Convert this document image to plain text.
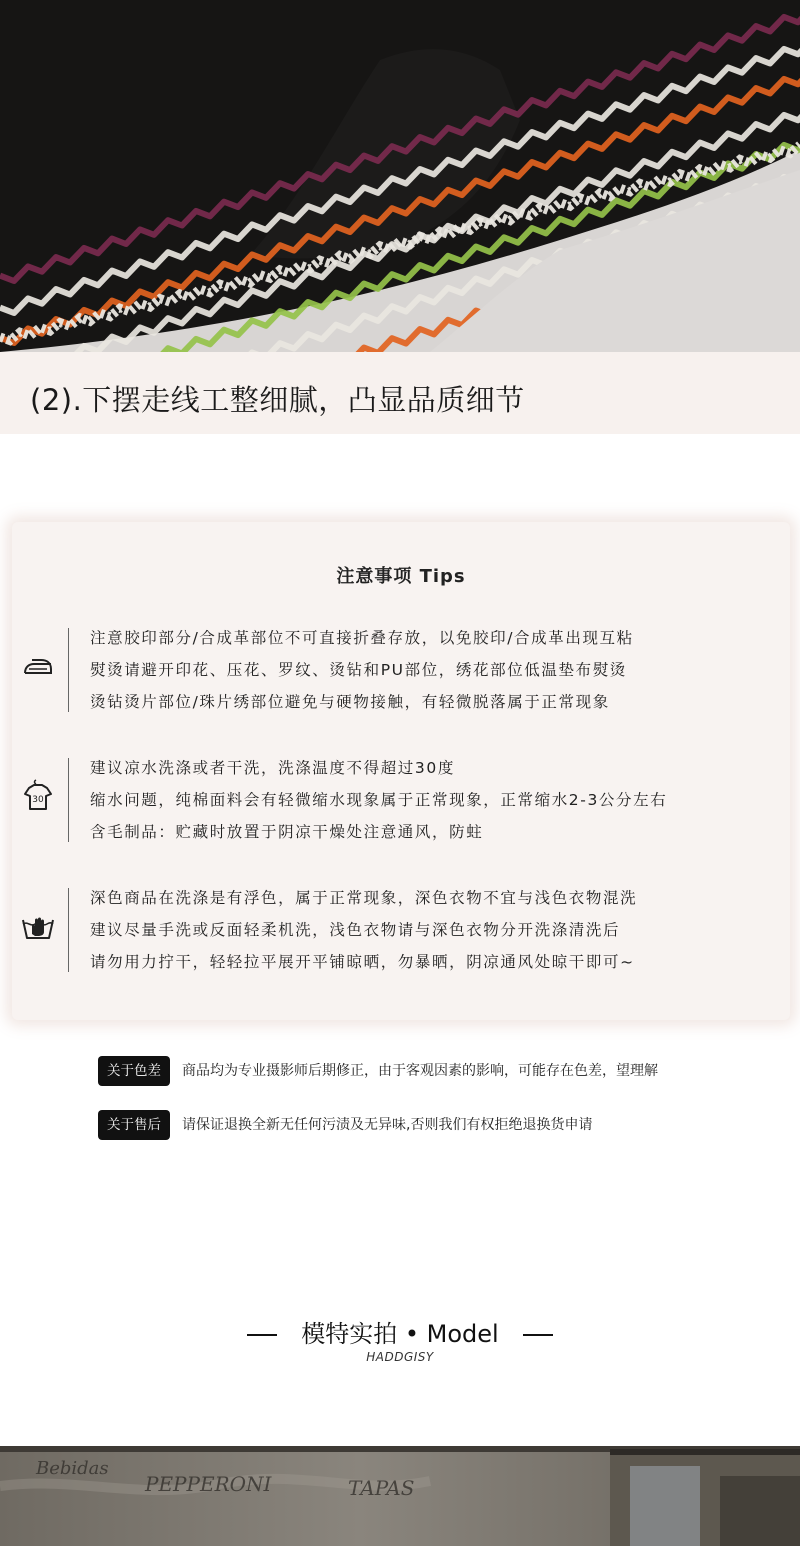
(2).下摆走线工整细腻，凸显品质细节
注意事项 Tips
注意胶印部分/合成革部位不可直接折叠存放，以免胶印/合成革出现互粘
熨烫请避开印花、压花、罗纹、烫钻和PU部位，绣花部位低温垫布熨烫
烫钻烫片部位/珠片绣部位避免与硬物接触，有轻微脱落属于正常现象
30
建议凉水洗涤或者干洗，洗涤温度不得超过30度
缩水问题，纯棉面料会有轻微缩水现象属于正常现象，正常缩水2-3公分左右
含毛制品：贮藏时放置于阴凉干燥处注意通风，防蛀
深色商品在洗涤是有浮色，属于正常现象，深色衣物不宜与浅色衣物混洗
建议尽量手洗或反面轻柔机洗，浅色衣物请与深色衣物分开洗涤清洗后
请勿用力拧干，轻轻拉平展开平铺晾晒，勿暴晒，阴凉通风处晾干即可~
关于色差	商品均为专业摄影师后期修正，由于客观因素的影响，可能存在色差，望理解
关于售后	请保证退换全新无任何污渍及无异味,否则我们有权拒绝退换货申请
模特实拍 • Model
HADDGISY
Bebidas
PEPPERONI	TAPAS
